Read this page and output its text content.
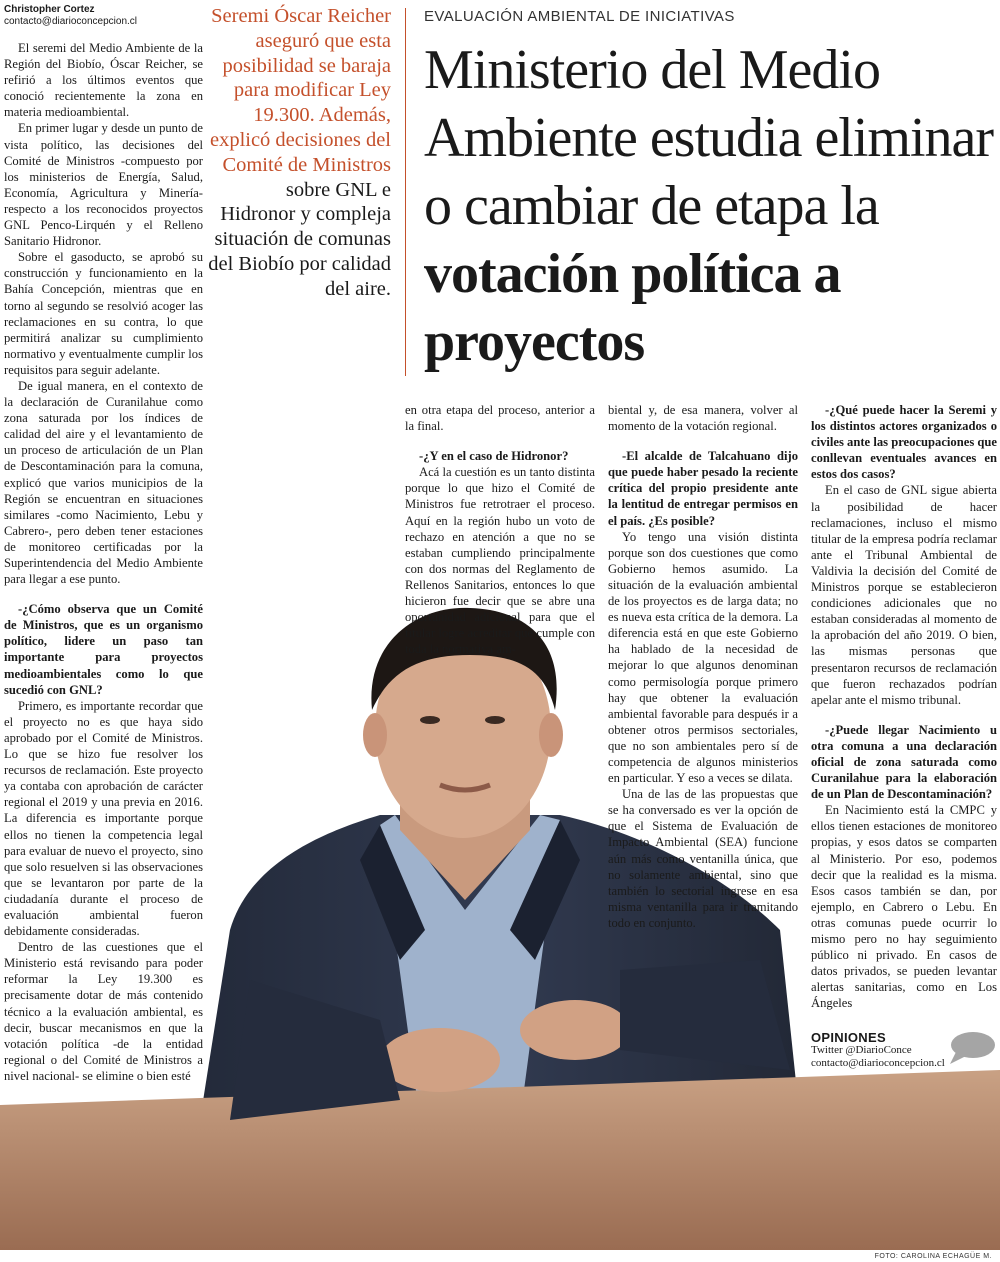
Christopher Cortez
contacto@diarioconcepcion.cl	Seremi Óscar Reicher aseguró que esta posibilidad se baraja para modificar Ley 19.300. Además, explicó decisiones del Comité de Ministros
sobre GNL e Hidronor y compleja situación de comunas del Biobío por calidad del aire.
EVALUACIÓN AMBIENTAL DE INICIATIVAS
Ministerio del Medio Ambiente estudia eliminar o cambiar de etapa la votación política a proyectos

El seremi del Medio Ambiente de la Región del Biobío, Óscar Reicher, se refirió a los últimos eventos que conoció recientemente la zona en materia medioambiental.

En primer lugar y desde un punto de vista político, las decisiones del Comité de Ministros -compuesto por los ministerios de Energía, Salud, Economía, Agricultura y Minería- respecto a los reconocidos proyectos GNL Penco-Lirquén y el Relleno Sanitario Hidronor.

Sobre el gasoducto, se aprobó su construcción y funcionamiento en la Bahía Concepción, mientras que en torno al segundo se resolvió acoger las reclamaciones en su contra, lo que permitirá analizar su cumplimiento normativo y eventualmente cumplir los requisitos para seguir adelante.

De igual manera, en el contexto de la declaración de Curanilahue como zona saturada por los índices de calidad del aire y el levantamiento de un proceso de articulación de un Plan de Descontaminación para la comuna, explicó que varios municipios de la Región se encuentran en situaciones similares -como Nacimiento, Lebu y Cabrero-, pero deben tener estaciones de monitoreo certificadas por la Superintendencia del Medio Ambiente para llegar a ese punto.

-¿Cómo observa que un Comité de Ministros, que es un organismo político, lidere un paso tan importante para proyectos medioambientales como lo que sucedió con GNL?

Primero, es importante recordar que el proyecto no es que haya sido aprobado por el Comité de Ministros. Lo que se hizo fue resolver los recursos de reclamación. Este proyecto ya contaba con aprobación de carácter regional el 2019 y una previa en 2016. La diferencia es importante porque ellos no tienen la competencia legal para evaluar de nuevo el proyecto, sino que solo resuelven si las observaciones que se levantaron por parte de la ciudadanía durante el proceso de evaluación ambiental fueron debidamente consideradas.

Dentro de las cuestiones que el Ministerio está revisando para poder reformar la Ley 19.300 es precisamente dotar de más contenido técnico a la evaluación ambiental, es decir, buscar mecanismos en que la votación política -de la entidad regional o del Comité de Ministros a nivel nacional- se elimine o bien esté

en otra etapa del proceso, anterior a la final.

-¿Y en el caso de Hidronor?

Acá la cuestión es un tanto distinta porque lo que hizo el Comité de Ministros fue retrotraer el proceso. Aquí en la región hubo un voto de rechazo en atención a que no se estaban cumpliendo principalmente con dos normas del Reglamento de Rellenos Sanitarios, entonces lo que hicieron fue decir que se abre una oportunidad adicional para que el titular logre acreditar que cumple con toda la normativa am-

biental y, de esa manera, volver al momento de la votación regional.

-El alcalde de Talcahuano dijo que puede haber pesado la reciente crítica del propio presidente ante la lentitud de entregar permisos en el país. ¿Es posible?

Yo tengo una visión distinta porque son dos cuestiones que como Gobierno hemos asumido. La situación de la evaluación ambiental de los proyectos es de larga data; no es nueva esta crítica de la demora. La diferencia está en que este Gobierno ha hablado de la necesidad de mejorar lo que algunos denominan como permisología porque primero hay que obtener la evaluación ambiental favorable para después ir a obtener otros permisos sectoriales, que no son ambientales pero sí de competencia de algunos ministerios en particular. Y eso a veces se dilata.

Una de las de las propuestas que se ha conversado es ver la opción de que el Sistema de Evaluación de Impacto Ambiental (SEA) funcione aún más como ventanilla única, que no solamente ambiental, sino que también lo sectorial ingrese en esa misma ventanilla para ir tramitando todo en conjunto.

-¿Qué puede hacer la Seremi y los distintos actores organizados o civiles ante las preocupaciones que conllevan eventuales avances en estos dos casos?

En el caso de GNL sigue abierta la posibilidad de hacer reclamaciones, incluso el mismo titular de la empresa podría reclamar ante el Tribunal Ambiental de Valdivia la decisión del Comité de Ministros porque se establecieron condiciones adicionales que no estaban consideradas al momento de la aprobación del año 2019. O bien, las mismas personas que presentaron recursos de reclamación que fueron rechazados podrían apelar ante el mismo tribunal.

-¿Puede llegar Nacimiento u otra comuna a una declaración oficial de zona saturada como Curanilahue para la elaboración de un Plan de Descontaminación?

En Nacimiento está la CMPC y ellos tienen estaciones de monitoreo propias, y esos datos se comparten al Ministerio. Por eso, podemos decir que la realidad es la misma. Esos casos también se dan, por ejemplo, en Cabrero o Lebu. En otras comunas puede ocurrir lo mismo pero no hay seguimiento público ni privado. En casos de datos privados, se pueden levantar alertas sanitarias, como en Los Ángeles

OPINIONES
Twitter @DiarioConce
contacto@diarioconcepcion.cl
FOTO: CAROLINA ECHAGÜE M.
